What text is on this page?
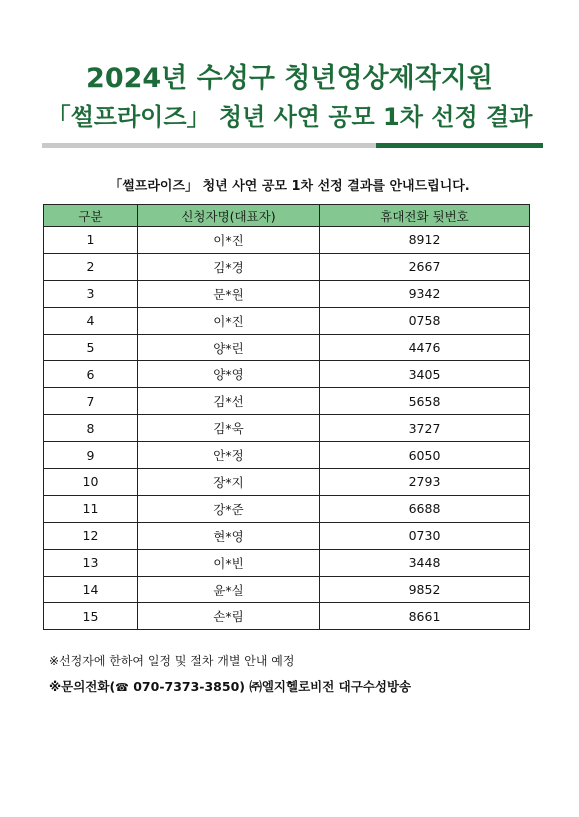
2024년 수성구 청년영상제작지원
「썰프라이즈」 청년 사연 공모 1차 선정 결과
「썰프라이즈」 청년 사연 공모 1차 선정 결과를 안내드립니다.
구분	신청자명(대표자)	휴대전화 뒷번호
1	이*진	8912
2	김*경	2667
3	문*원	9342
4	이*진	0758
5	양*린	4476
6	양*영	3405
7	김*선	5658
8	김*욱	3727
9	안*정	6050
10	장*지	2793
11	강*준	6688
12	현*영	0730
13	이*빈	3448
14	윤*실	9852
15	손*림	8661
※선정자에 한하여 일정 및 절차 개별 안내 예정
※문의전화(☎ 070-7373-3850) ㈜엘지헬로비전 대구수성방송
